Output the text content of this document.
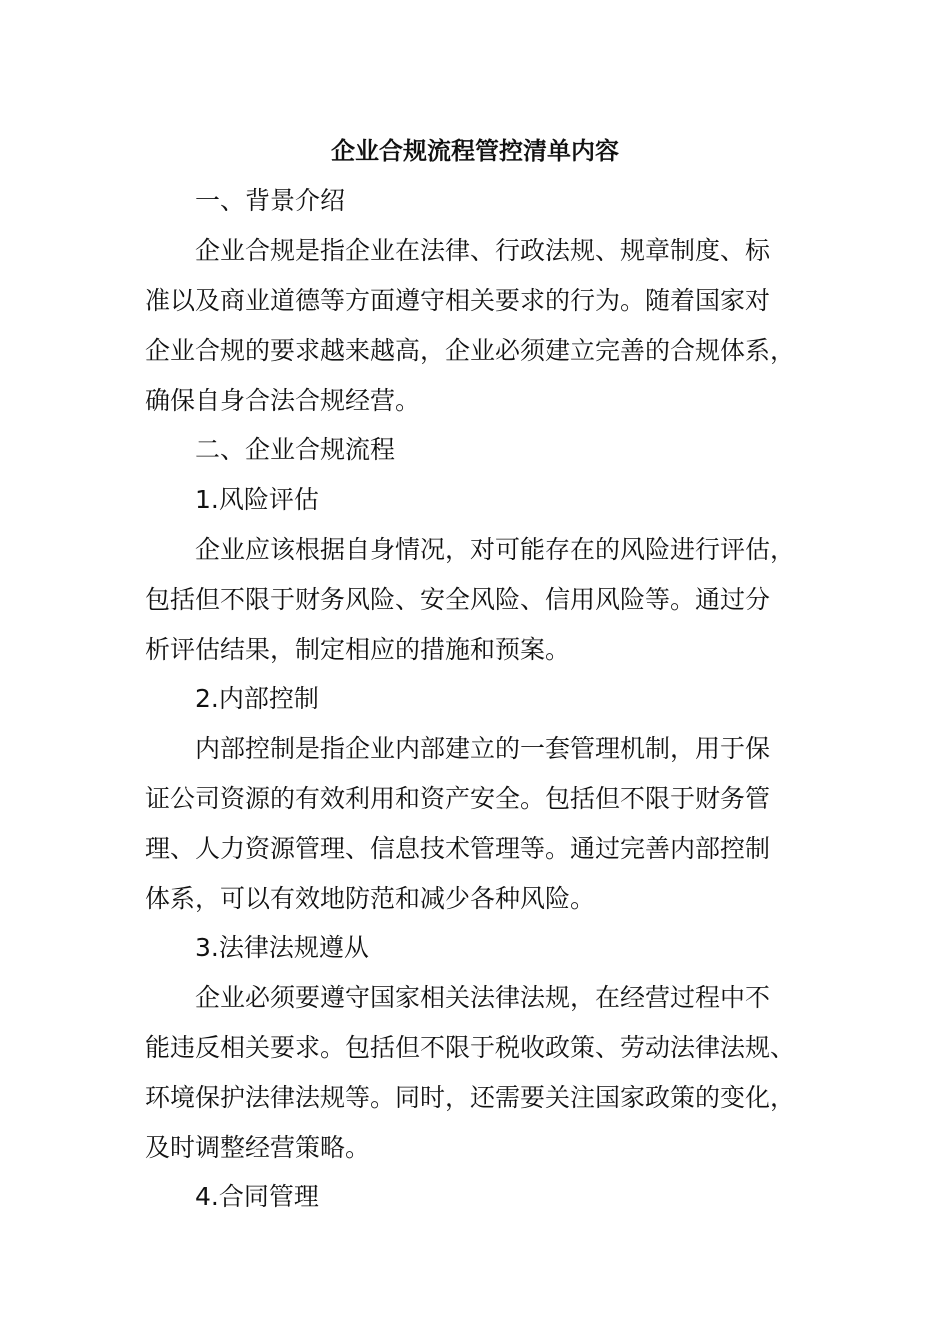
企业合规流程管控清单内容
一、背景介绍
企业合规是指企业在法律、行政法规、规章制度、标
准以及商业道德等方面遵守相关要求的行为。随着国家对
企业合规的要求越来越高，企业必须建立完善的合规体系，
确保自身合法合规经营。
二、企业合规流程
1.风险评估
企业应该根据自身情况，对可能存在的风险进行评估，
包括但不限于财务风险、安全风险、信用风险等。通过分
析评估结果，制定相应的措施和预案。
2.内部控制
内部控制是指企业内部建立的一套管理机制，用于保
证公司资源的有效利用和资产安全。包括但不限于财务管
理、人力资源管理、信息技术管理等。通过完善内部控制
体系，可以有效地防范和减少各种风险。
3.法律法规遵从
企业必须要遵守国家相关法律法规，在经营过程中不
能违反相关要求。包括但不限于税收政策、劳动法律法规、
环境保护法律法规等。同时，还需要关注国家政策的变化，
及时调整经营策略。
4.合同管理
